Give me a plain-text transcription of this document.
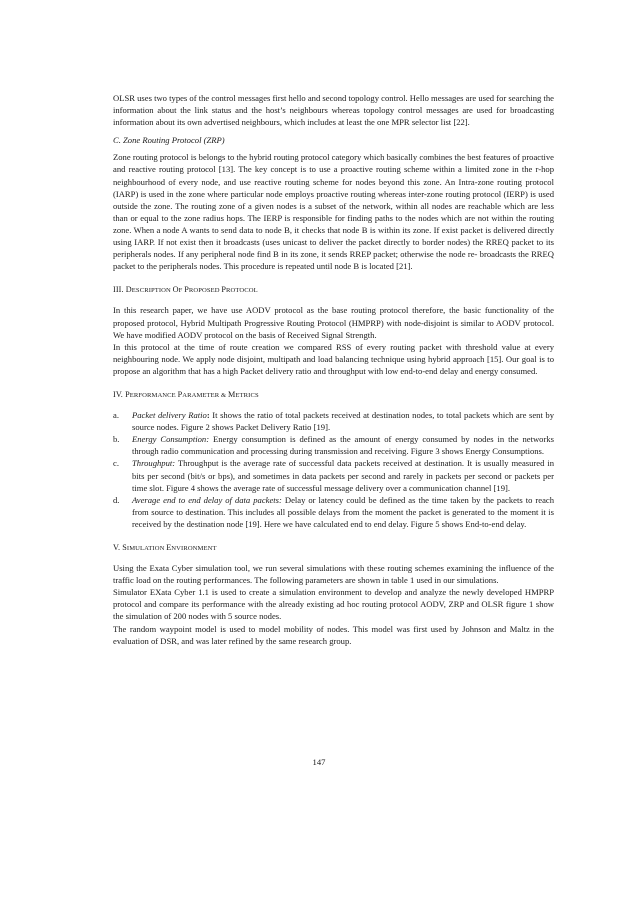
OLSR uses two types of the control messages first hello and second topology control. Hello messages are used for searching the information about the link status and the host’s neighbours whereas topology control messages are used for broadcasting information about its own advertised neighbours, which includes at least the one MPR selector list [22].

C. Zone Routing Protocol (ZRP)

Zone routing protocol is belongs to the hybrid routing protocol category which basically combines the best features of proactive and reactive routing protocol [13]. The key concept is to use a proactive routing scheme within a limited zone in the r-hop neighbourhood of every node, and use reactive routing scheme for nodes beyond this zone. An Intra-zone routing protocol (IARP) is used in the zone where particular node employs proactive routing whereas inter-zone routing protocol (IERP) is used outside the zone. The routing zone of a given nodes is a subset of the network, within all nodes are reachable which are less than or equal to the zone radius hops. The IERP is responsible for finding paths to the nodes which are not within the routing zone. When a node A wants to send data to node B, it checks that node B is within its zone. If exist packet is delivered directly using IARP. If not exist then it broadcasts (uses unicast to deliver the packet directly to border nodes) the RREQ packet to its peripherals nodes. If any peripheral node find B in its zone, it sends RREP packet; otherwise the node re- broadcasts the RREQ packet to the peripherals nodes. This procedure is repeated until node B is located [21].

III. DESCRIPTION OF PROPOSED PROTOCOL

In this research paper, we have use AODV protocol as the base routing protocol therefore, the basic functionality of the proposed protocol, Hybrid Multipath Progressive Routing Protocol (HMPRP) with node-disjoint is similar to AODV protocol. We have modified AODV protocol on the basis of Received Signal Strength.

In this protocol at the time of route creation we compared RSS of every routing packet with threshold value at every neighbouring node. We apply node disjoint, multipath and load balancing technique using hybrid approach [15]. Our goal is to propose an algorithm that has a high Packet delivery ratio and throughput with low end-to-end delay and energy consumed.

IV. PERFORMANCE PARAMETER & METRICS
a. Packet delivery Ratio: It shows the ratio of total packets received at destination nodes, to total packets which are sent by source nodes. Figure 2 shows Packet Delivery Ratio [19].
b. Energy Consumption: Energy consumption is defined as the amount of energy consumed by nodes in the networks through radio communication and processing during transmission and receiving. Figure 3 shows Energy Consumptions.
c. Throughput: Throughput is the average rate of successful data packets received at destination. It is usually measured in bits per second (bit/s or bps), and sometimes in data packets per second and rarely in packets per second or packets per time slot. Figure 4 shows the average rate of successful message delivery over a communication channel [19].
d. Average end to end delay of data packets: Delay or latency could be defined as the time taken by the packets to reach from source to destination. This includes all possible delays from the moment the packet is generated to the moment it is received by the destination node [19]. Here we have calculated end to end delay. Figure 5 shows End-to-end delay.
V. SIMULATION ENVIRONMENT

Using the Exata Cyber simulation tool, we run several simulations with these routing schemes examining the influence of the traffic load on the routing performances. The following parameters are shown in table 1 used in our simulations.

Simulator EXata Cyber 1.1 is used to create a simulation environment to develop and analyze the newly developed HMPRP protocol and compare its performance with the already existing ad hoc routing protocol AODV, ZRP and OLSR figure 1 show the simulation of 200 nodes with 5 source nodes.

The random waypoint model is used to model mobility of nodes. This model was first used by Johnson and Maltz in the evaluation of DSR, and was later refined by the same research group.

147
